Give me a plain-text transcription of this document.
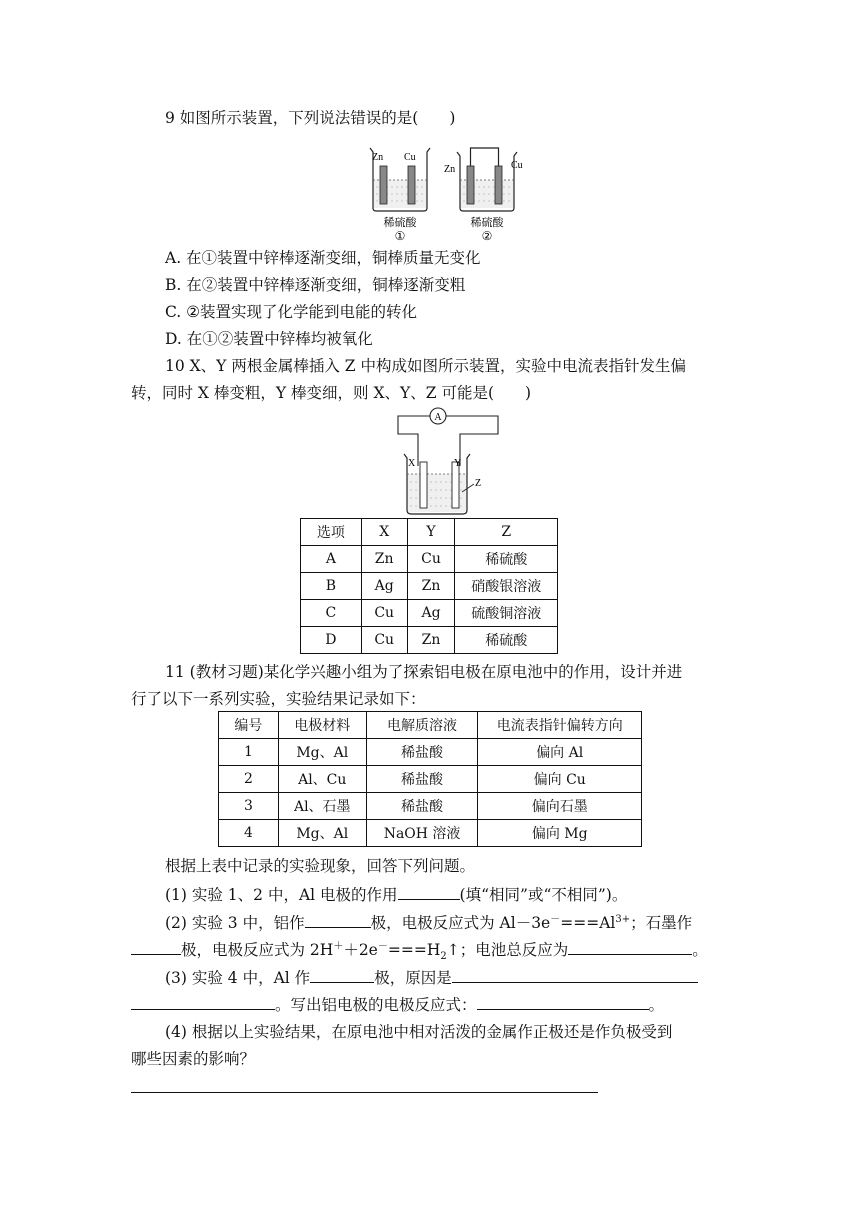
9 如图所示装置，下列说法错误的是(　　)
Zn Cu
稀硫酸
①
Zn	Cu
稀硫酸
②
A. 在①装置中锌棒逐渐变细，铜棒质量无变化
B. 在②装置中锌棒逐渐变细，铜棒逐渐变粗
C. ②装置实现了化学能到电能的转化
D. 在①②装置中锌棒均被氧化
10 X、Y 两根金属棒插入 Z 中构成如图所示装置，实验中电流表指针发生偏
转，同时 X 棒变粗，Y 棒变细，则 X、Y、Z 可能是(　　)
A
X	Y
Z
选项	X	Y	Z
A	Zn	Cu	稀硫酸
B	Ag	Zn	硝酸银溶液
C	Cu	Ag	硫酸铜溶液
D	Cu	Zn	稀硫酸
11 (教材习题)某化学兴趣小组为了探索铝电极在原电池中的作用，设计并进
行了以下一系列实验，实验结果记录如下：
编号	电极材料	电解质溶液	电流表指针偏转方向
1	Mg、Al	稀盐酸	偏向 Al
2	Al、Cu	稀盐酸	偏向 Cu
3	Al、石墨	稀盐酸	偏向石墨
4	Mg、Al	NaOH 溶液	偏向 Mg
根据上表中记录的实验现象，回答下列问题。
(1) 实验 1、2 中，Al 电极的作用	(填“相同”或“不相同”)。
(2) 实验 3 中，铝作	极，电极反应式为 $Al-3e^-===Al^{3+}$；石墨作
极，电极反应式为 $2H^++2e^-===H_2↑$；电池总反应为	。
(3) 实验 4 中，Al 作	极，原因是
。写出铝电极的电极反应式：	。
(4) 根据以上实验结果，在原电池中相对活泼的金属作正极还是作负极受到
哪些因素的影响？
